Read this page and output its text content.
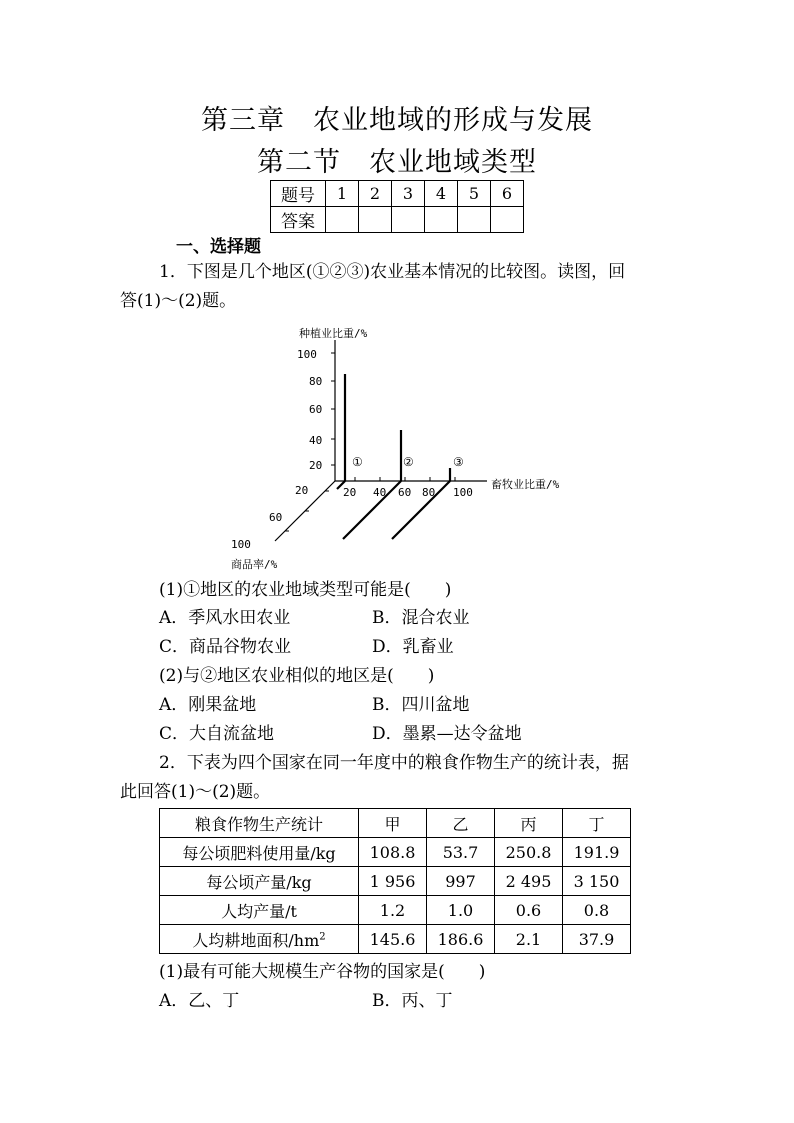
第三章 农业地域的形成与发展
第二节 农业地域类型
题号	1	2	3	4	5	6
答案						
一、选择题
1．下图是几个地区(①②③)农业基本情况的比较图。读图，回
答(1)～(2)题。
种植业比重/%
畜牧业比重/%
商品率/%
100
80
60
40
20
20 40 60 80 100
20
60
100
①	②	③
(1)①地区的农业地域类型可能是(　　)
A．季风水田农业	B．混合农业
C．商品谷物农业	D．乳畜业
(2)与②地区农业相似的地区是(　　)
A．刚果盆地	B．四川盆地
C．大自流盆地	D．墨累—达令盆地
2．下表为四个国家在同一年度中的粮食作物生产的统计表，据
此回答(1)～(2)题。
粮食作物生产统计	甲	乙	丙	丁
每公顷肥料使用量/kg	108.8	53.7	250.8	191.9
每公顷产量/kg	1 956	997	2 495	3 150
人均产量/t	1.2	1.0	0.6	0.8
人均耕地面积$/hm^2$	145.6	186.6	2.1	37.9
(1)最有可能大规模生产谷物的国家是(　　)
A．乙、丁	B．丙、丁
